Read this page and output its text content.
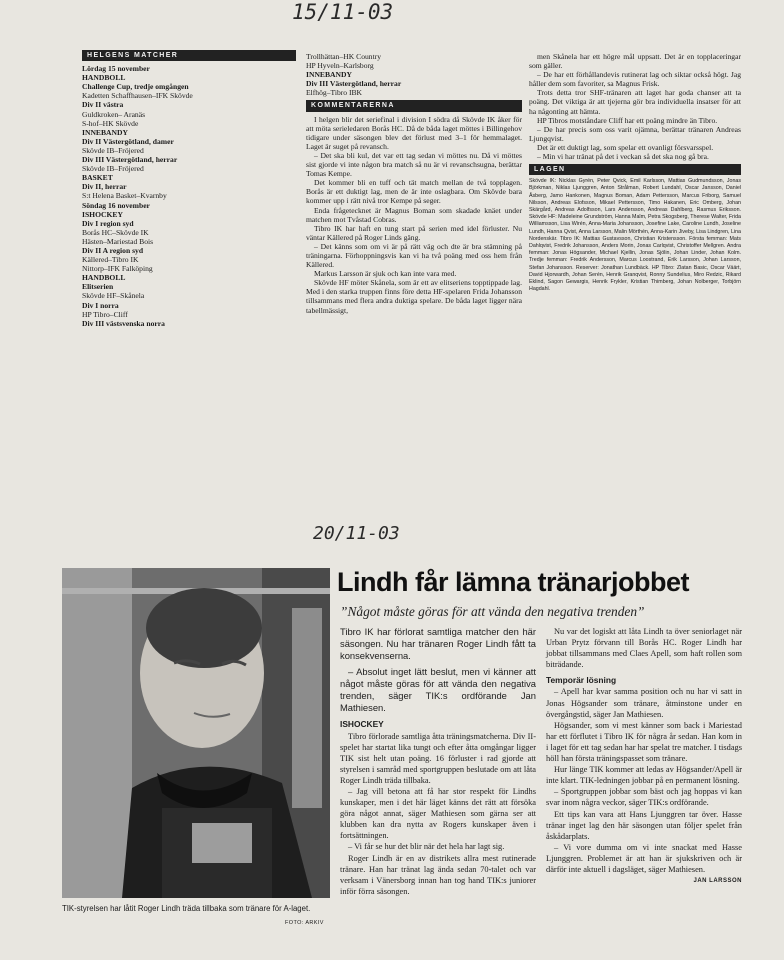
15/11-03
20/11-03
HELGENS MATCHER
Lördag 15 november
HANDBOLL
Challenge Cup, tredje omgången
Kadetten Schaffhausen–IFK Skövde
Div II västra
Guldkroken– Aranäs
S-hof–HK Skövde
INNEBANDY
Div II Västergötland, damer
Skövde IB–Fröjered
Div III Västergötland, herrar
Skövde IB–Fröjered
BASKET
Div II, herrar
S:t Helena Basket–Kvarnby
Söndag 16 november
ISHOCKEY
Div I region syd
Borås HC–Skövde IK
Hästen–Mariestad Bois
Div II A region syd
Källered–Tibro IK
Nittorp–IFK Falköping
HANDBOLL
Elitserien
Skövde HF–Skånela
Div I norra
HP Tibro–Cliff
Div III västsvenska norra
Trollhättan–HK Country
HP Hyveln–Karlsborg
INNEBANDY
Div III Västergötland, herrar
Elfhög–Tibro IBK
KOMMENTARERNA

I helgen blir det seriefinal i division I södra då Skövde IK åker för att möta serieledaren Borås HC. Då de båda laget möttes i Billingehov tidigare under säsongen blev det förlust med 3–1 för hemmalaget. Laget är suget på revansch.

– Det ska bli kul, det var ett tag sedan vi möttes nu. Då vi möttes sist gjorde vi inte någon bra match så nu är vi revanschsugna, berättar Tomas Kempe.

Det kommer bli en tuff och tät match mellan de två topplagen. Borås är ett duktigt lag, men de är inte oslagbara. Om Skövde bara kommer upp i rätt nivå tror Kempe på seger.

Enda frågetecknet är Magnus Boman som skadade knäet under matchen mot Tvåstad Cobras.

Tibro IK har haft en tung start på serien med idel förluster. Nu väntar Källered på Roger Linds gäng.

– Det känns som om vi är på rätt väg och dte är bra stämning på träningarna. Förhoppningsvis kan vi ha två poäng med oss hem från Källered.

Markus Larsson är sjuk och kan inte vara med.

Skövde HF möter Skånela, som är ett av elitseriens topptippade lag. Med i den starka truppen finns före detta HF-spelaren Frida Johansson tillsammans med flera andra duktiga spelare. De båda laget ligger nära tabellmässigt,

men Skånela har ett högre mål uppsatt. Det är en topplaceringar som gäller.

– De har ett förhållandevis rutinerat lag och siktar också högt. Jag håller dem som favoriter, sa Magnus Frisk.

Trots detta tror SHF-tränaren att laget har goda chanser att ta poäng. Det viktiga är att tjejerna gör bra individuella insatser för att ha någonting att hämta.

HP Tibros motståndare Cliff har ett poäng mindre än Tibro.

– De har precis som oss varit ojämna, berättar tränaren Andreas Ljungqvist.

Det är ett duktigt lag, som spelar ett ovanligt försvarsspel.

– Min vi har tränat på det i veckan så det ska nog gå bra.

LAGEN
Skövde IK: Nicklas Gyrén, Peter Qvick, Emil Karlsson, Mattias Gudmundsson, Jonas Björkman, Niklas Ljunggren, Anton Strålman, Robert Lundahl, Oscar Jansson, Daniel Åsberg, Jamo Hankonen, Magnus Boman, Adam Pettersson, Marcus Friborg, Samuel Nilsson, Andreas Elofsson, Mikael Pettersson, Timo Hakanen, Eric Omberg, Johan Skärgård, Andreas Adolfsson, Lars Andersson, Andreas Dahlberg, Rasmus Eriksson. Skövde HF: Madeleine Grundström, Hanna Malm, Petra Skogsberg, Therese Walter, Frida Williamsson, Lisa Wirén, Anna-Maria Johansson, Josefine Lake, Caroline Lundh, Joseline Lundh, Hanna Qvist, Anna Larsson, Malin Mörthén, Anna-Karin Jiveby, Lisa Lindgren, Lina Nordenskär. Tibro IK: Mattias Gustavsson, Christian Kristensson. Första femman: Mats Dahlqvist, Fredrik Johansson, Anders Morin, Jonas Carlqvist, Christoffer Mellgren. Andra femman: Jonas Högsander, Michael Kjellin, Jonas Sjölin, Johan Linder, Johan Kolm. Tredje femman: Fredrik Andersson, Marcus Loostrand, Erik Larsson, Johan Larsson, Stefan Johansson. Reserver: Jonathan Lundbäck. HP Tibro: Zlatan Basic, Oscar Väärt, David Hjorwardh, Johan Serén, Henrik Granqvist, Ronny Sundelius, Miro Redzic, Rikard Eklind, Sagon Gewargis, Henrik Frykler, Kristian Thimberg, Johan Nolberger, Torbjörn Hagdahl.
Lindh får lämna tränarjobbet
”Något måste göras för att vända den negativa trenden”
TIK-styrelsen har låtit Roger Lindh träda tillbaka som tränare för A-laget.
FOTO: ARKIV

Tibro IK har förlorat samtliga matcher den här säsongen. Nu har tränaren Roger Lindh fått ta konsekvenserna.

– Absolut inget lätt beslut, men vi känner att något måste göras för att vända den negativa trenden, säger TIK:s ordförande Jan Mathiesen.

ISHOCKEY

Tibro förlorade samtliga åtta träningsmatcherna. Div II-spelet har startat lika tungt och efter åtta omgångar ligger TIK sist helt utan poäng. 16 förluster i rad gjorde att styrelsen i samråd med sportgruppen beslutade om att låta Roger Lindh träda tillbaka.

– Jag vill betona att få har stor respekt för Lindhs kunskaper, men i det här läget känns det rätt att försöka göra något annat, säger Mathiesen som gärna ser att klubben kan dra nytta av Rogers kunskaper även i fortsättningen.

– Vi får se hur det blir när det hela har lagt sig.

Roger Lindh är en av distrikets allra mest rutinerade tränare. Han har tränat lag ända sedan 70-talet och var verksam i Vänersborg innan han tog hand TIK:s juniorer inför förra säsongen.

Nu var det logiskt att låta Lindh ta över seniorlaget när Urban Prytz förvann till Borås HC. Roger Lindh har jobbat tillsammans med Claes Apell, som haft rollen som biträdande.

Temporär lösning

– Apell har kvar samma position och nu har vi satt in Jonas Högsander som tränare, åtminstone under en övergångstid, säger Jan Mathiesen.

Högsander, som vi mest känner som back i Mariestad har ett förflutet i Tibro IK för några år sedan. Han kom in i laget för ett tag sedan har har spelat tre matcher. I tisdags höll han första träningspasset som tränare.

Hur länge TIK kommer att ledas av Högsander/Apell är inte klart. TIK-ledningen jobbar på en permanent lösning.

– Sportgruppen jobbar som bäst och jag hoppas vi kan svar inom några veckor, säger TIK:s ordförande.

Ett tips kan vara att Hans Ljunggren tar över. Hasse tränar inget lag den här säsongen utan följer spelet från åskådarplats.

– Vi vore dumma om vi inte snackat med Hasse Ljunggren. Problemet är att han är sjukskriven och är därför inte aktuell i dagsläget, säger Mathiesen.

JAN LARSSON
